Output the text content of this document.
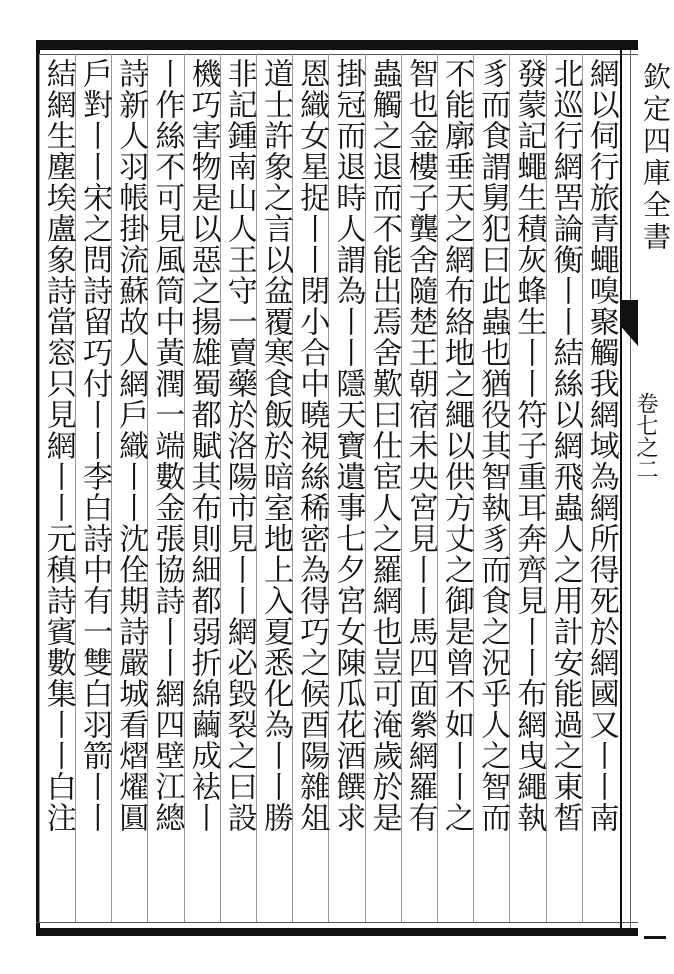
欽定四庫全書
卷七之二
網以伺行旅青蠅嗅聚觸我網域為網所得死於網國又丨丨南
北巡行網罟論衡丨丨結絲以網飛蟲人之用計安能過之東皙
發蒙記蠅生積灰蜂生丨丨符子重耳奔齊見丨丨布網曳繩執
豸而食謂舅犯曰此蟲也猶役其智執豸而食之況乎人之智而
不能廓垂天之網布絡地之繩以供方丈之御是曾不如丨丨之
智也金樓子龔舍隨楚王朝宿未央宮見丨丨馬四面縈網羅有
蟲觸之退而不能出焉舍歎曰仕宦人之羅網也豈可淹歲於是
掛冠而退時人謂為丨丨隱天寶遺事七夕宮女陳瓜花酒饌求
恩織女星捉丨丨閉小合中曉視絲稀密為得巧之候酉陽雜俎
道士許象之言以盆覆寒食飯於暗室地上入夏悉化為丨丨勝
非記鍾南山人王守一賣藥於洛陽市見丨丨網必毀裂之曰設
機巧害物是以惡之揚雄蜀都賦其布則細都弱折綿繭成袪丨
丨作絲不可見風筒中黃潤一端數金張協詩丨丨網四壁江總
詩新人羽帳掛流蘇故人網戶織丨丨沈佺期詩嚴城看熠燿圓
戶對丨丨宋之問詩留巧付丨丨李白詩中有一雙白羽箭丨丨
結網生塵埃盧象詩當窓只見網丨丨元稹詩賓數集丨丨白注
